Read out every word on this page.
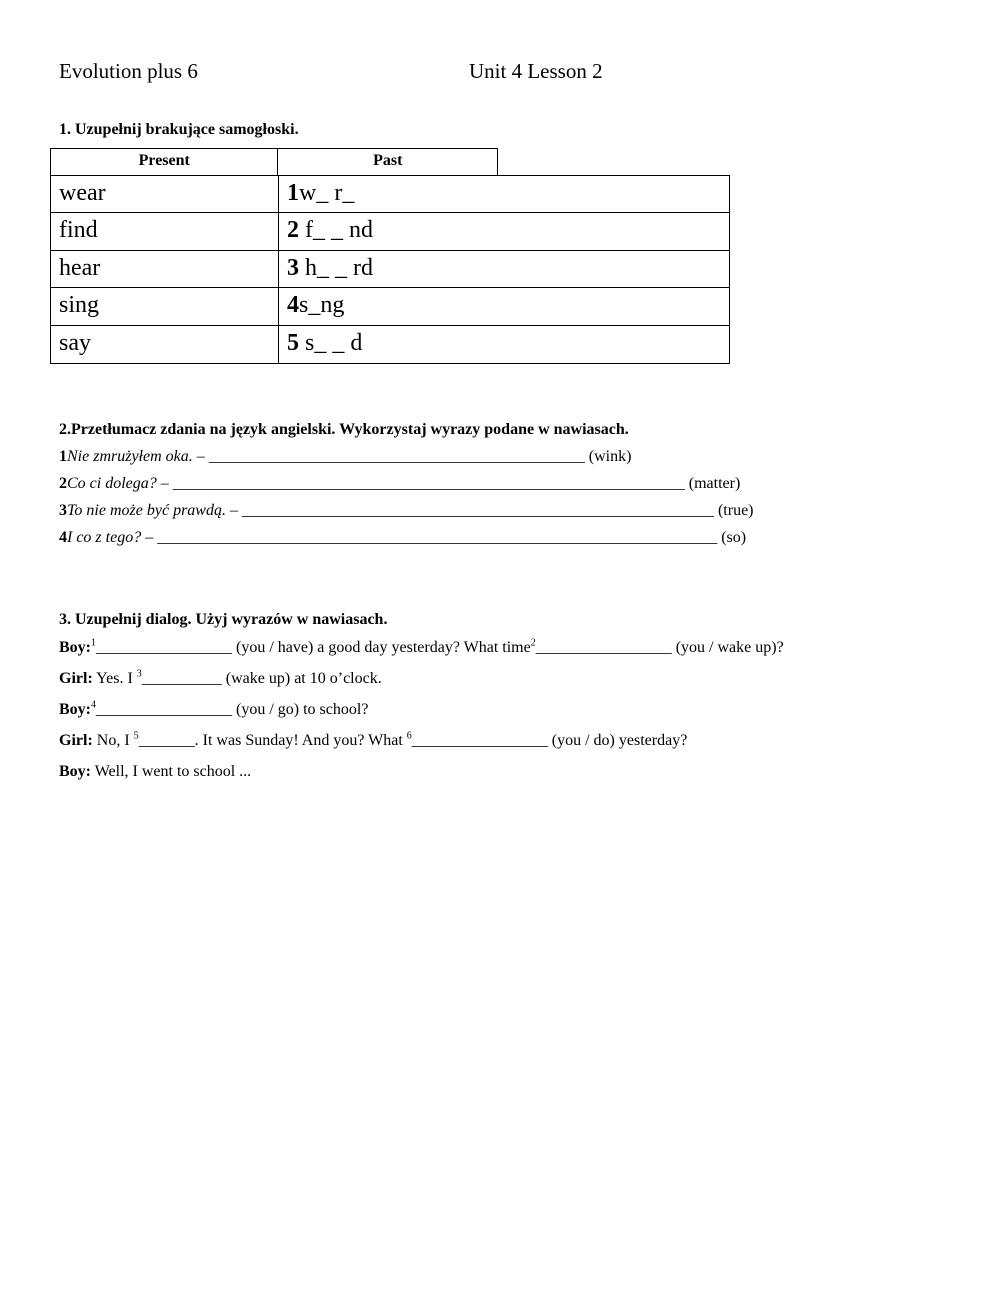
Evolution plus 6	Unit 4 Lesson 2
1. Uzupełnij brakujące samogłoski.
Present	Past
wear	1w_ r_
find	2 f_ _ nd
hear	3 h_ _ rd
sing	4s_ng
say	5 s_ _ d
2.Przetłumacz zdania na język angielski. Wykorzystaj wyrazy podane w nawiasach.
1Nie zmrużyłem oka. – _______________________________________________ (wink)
2Co ci dolega? – ________________________________________________________________ (matter)
3To nie może być prawdą. – ___________________________________________________________ (true)
4I co z tego? – ______________________________________________________________________ (so)
3. Uzupełnij dialog. Użyj wyrazów w nawiasach.
Boy:$^1$_________________ (you / have) a good day yesterday? What time$^2$_________________ (you / wake up)?
Girl: Yes. I $^3$__________ (wake up) at 10 o’clock.
Boy:$^4$_________________ (you / go) to school?
Girl: No, I $^5$_______. It was Sunday! And you? What $^6$_________________ (you / do) yesterday?
Boy: Well, I went to school ...
